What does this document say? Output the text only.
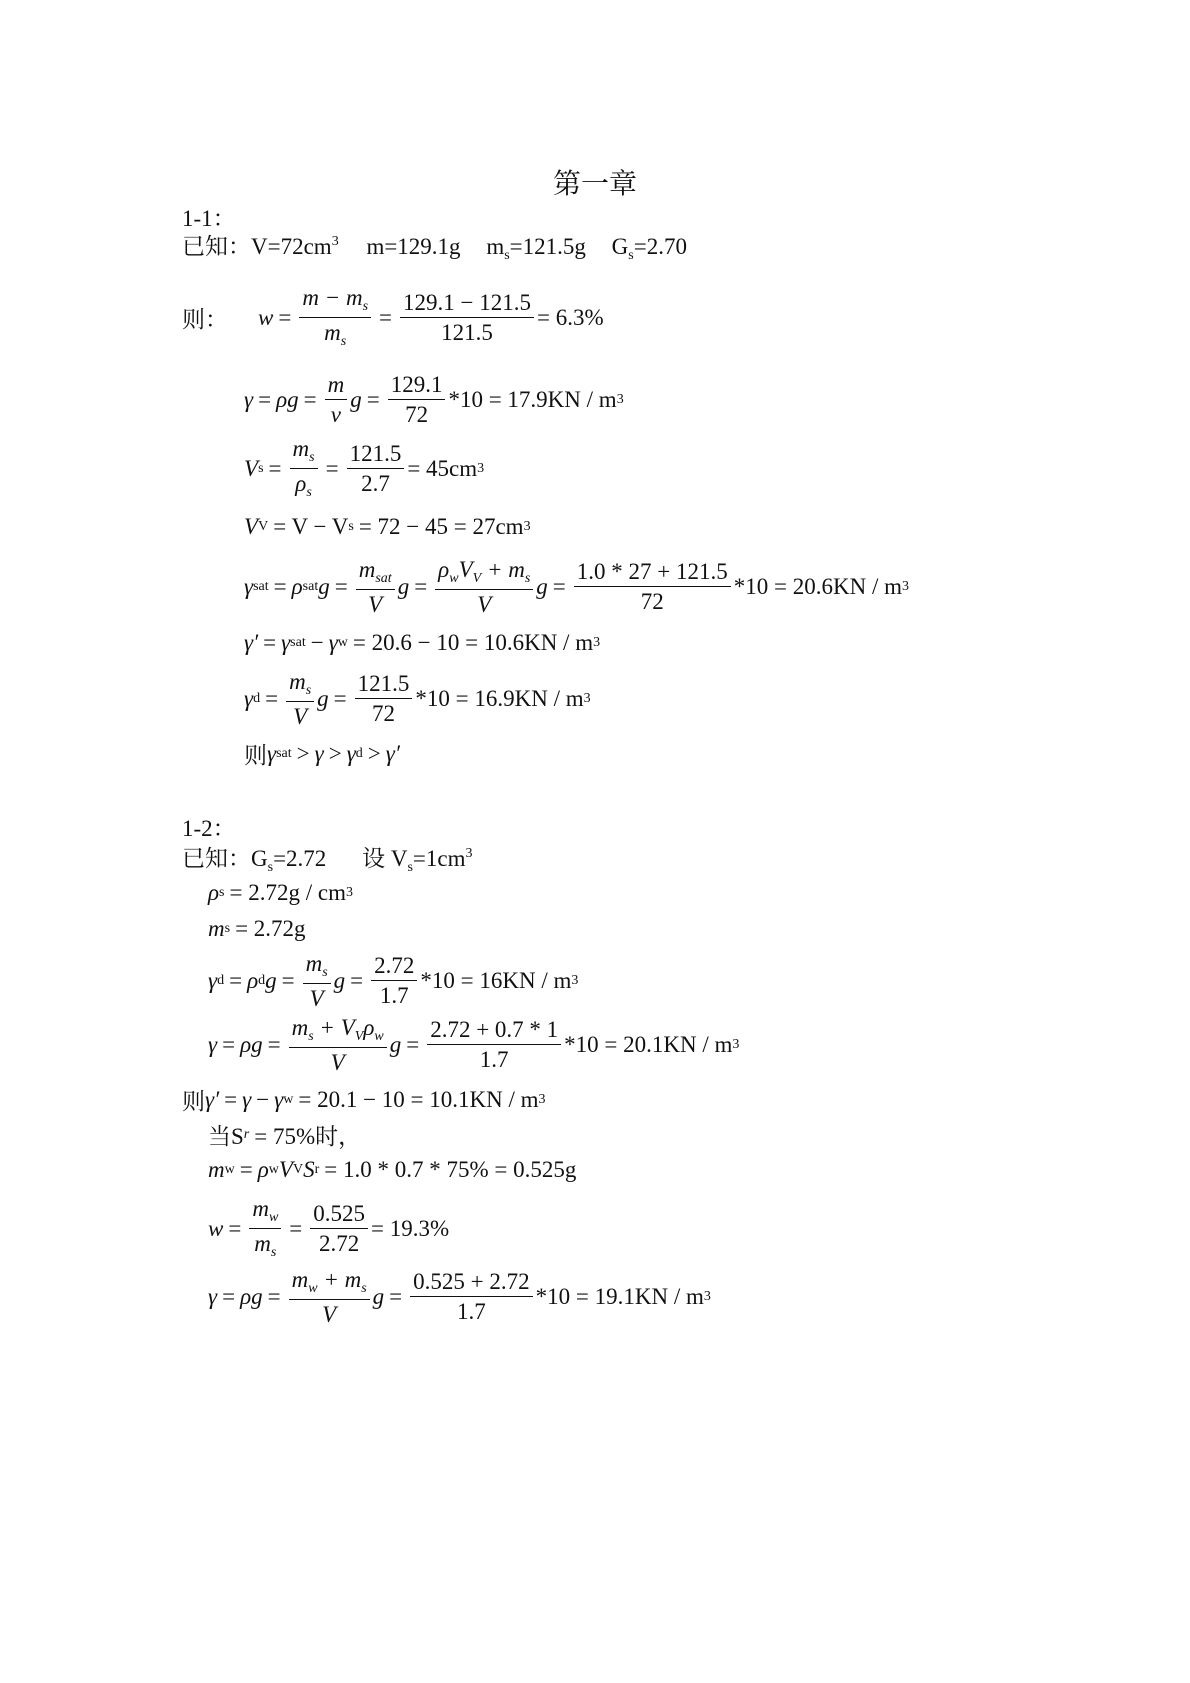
第一章
1-1：
已知：$V=72cm^3$ m=129.1g $m_s=121.5g$ $G_s=2.70$
则： $w = \frac{m - m_s}{m_s} = \frac{129.1 - 121.5}{121.5} = 6.3\%$
$\gamma = \rho g = \frac{m}{v}$ $g = \frac{129.1}{72} *10 = 17.9KN / m$ 3
V $s = \frac{m_s}{\rho_s} = \frac{121.5}{2.7} = 45cm$ 3
V V = V − V s = 72 − 45 = 27cm 3
γ sat = ρ sat g =
$m_{sat}$
V
g =
$\rho_wV_V + m_s$
V
$g = \frac{1.0 * 27 + 121.5}{72} *10 = 20.6KN / m$ 3
γ′ = γ sat − γ w = 20.6 − 10 = 10.6KN / m 3
γ $d = \frac{m_s}{V}$ $g = \frac{121.5}{72} *10 = 16.9KN / m$ 3
则 γ sat > γ > γ d > γ′
1-2：
已知：$G_s=2.72$ 设 $V_s=1cm^3$
ρ s = 2.72g / cm 3
m s = 2.72g
γ d = ρ d $g = \frac{m_s}{V}$ $g = \frac{2.72}{1.7} *10 = 16KN / m$ 3
γ = ρg =
$m_s + V_V\rho_w$
V
$g = \frac{2.72 + 0.7 * 1}{1.7} *10 = 20.1KN / m$ 3
则 γ′ = γ − γ w = 20.1 − 10 = 10.1KN / m 3
当S r = 75%时，
m w = ρ w V V S r = 1.0 * 0.7 * 75% = 0.525g
$w = \frac{m_w}{m_s} = \frac{0.525}{2.72} = 19.3\%$
$\gamma = \rho g = \frac{m_w + m_s}{V}$ $g = \frac{0.525 + 2.72}{1.7} *10 = 19.1KN / m$ 3
